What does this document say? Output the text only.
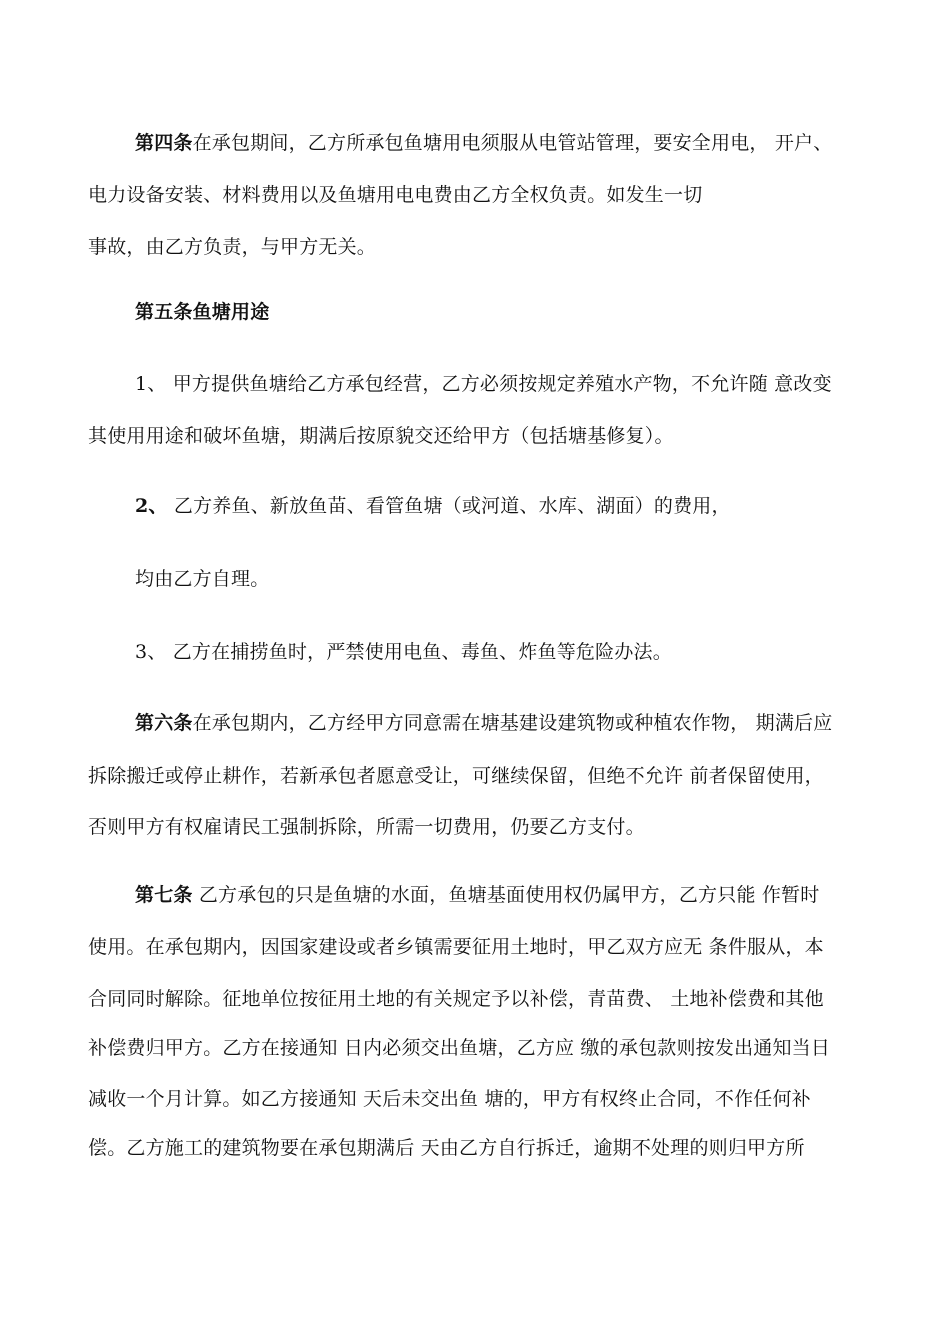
第四条在承包期间，乙方所承包鱼塘用电须服从电管站管理，要安全用电， 开户、
电力设备安装、材料费用以及鱼塘用电电费由乙方全权负责。如发生一切
事故，由乙方负责，与甲方无关。
第五条鱼塘用途
1、 甲方提供鱼塘给乙方承包经营，乙方必须按规定养殖水产物，不允许随 意改变
其使用用途和破坏鱼塘，期满后按原貌交还给甲方（包括塘基修复）。
2、 乙方养鱼、新放鱼苗、看管鱼塘（或河道、水库、湖面）的费用，
均由乙方自理。
3、 乙方在捕捞鱼时，严禁使用电鱼、毒鱼、炸鱼等危险办法。
第六条在承包期内，乙方经甲方同意需在塘基建设建筑物或种植农作物， 期满后应
拆除搬迁或停止耕作，若新承包者愿意受让，可继续保留，但绝不允许 前者保留使用，
否则甲方有权雇请民工强制拆除，所需一切费用，仍要乙方支付。
第七条 乙方承包的只是鱼塘的水面，鱼塘基面使用权仍属甲方，乙方只能 作暂时
使用。在承包期内，因国家建设或者乡镇需要征用土地时，甲乙双方应无 条件服从，本
合同同时解除。征地单位按征用土地的有关规定予以补偿，青苗费、 土地补偿费和其他
补偿费归甲方。乙方在接通知 日内必须交出鱼塘，乙方应 缴的承包款则按发出通知当日
减收一个月计算。如乙方接通知 天后未交出鱼 塘的，甲方有权终止合同，不作任何补
偿。乙方施工的建筑物要在承包期满后 天由乙方自行拆迁，逾期不处理的则归甲方所
